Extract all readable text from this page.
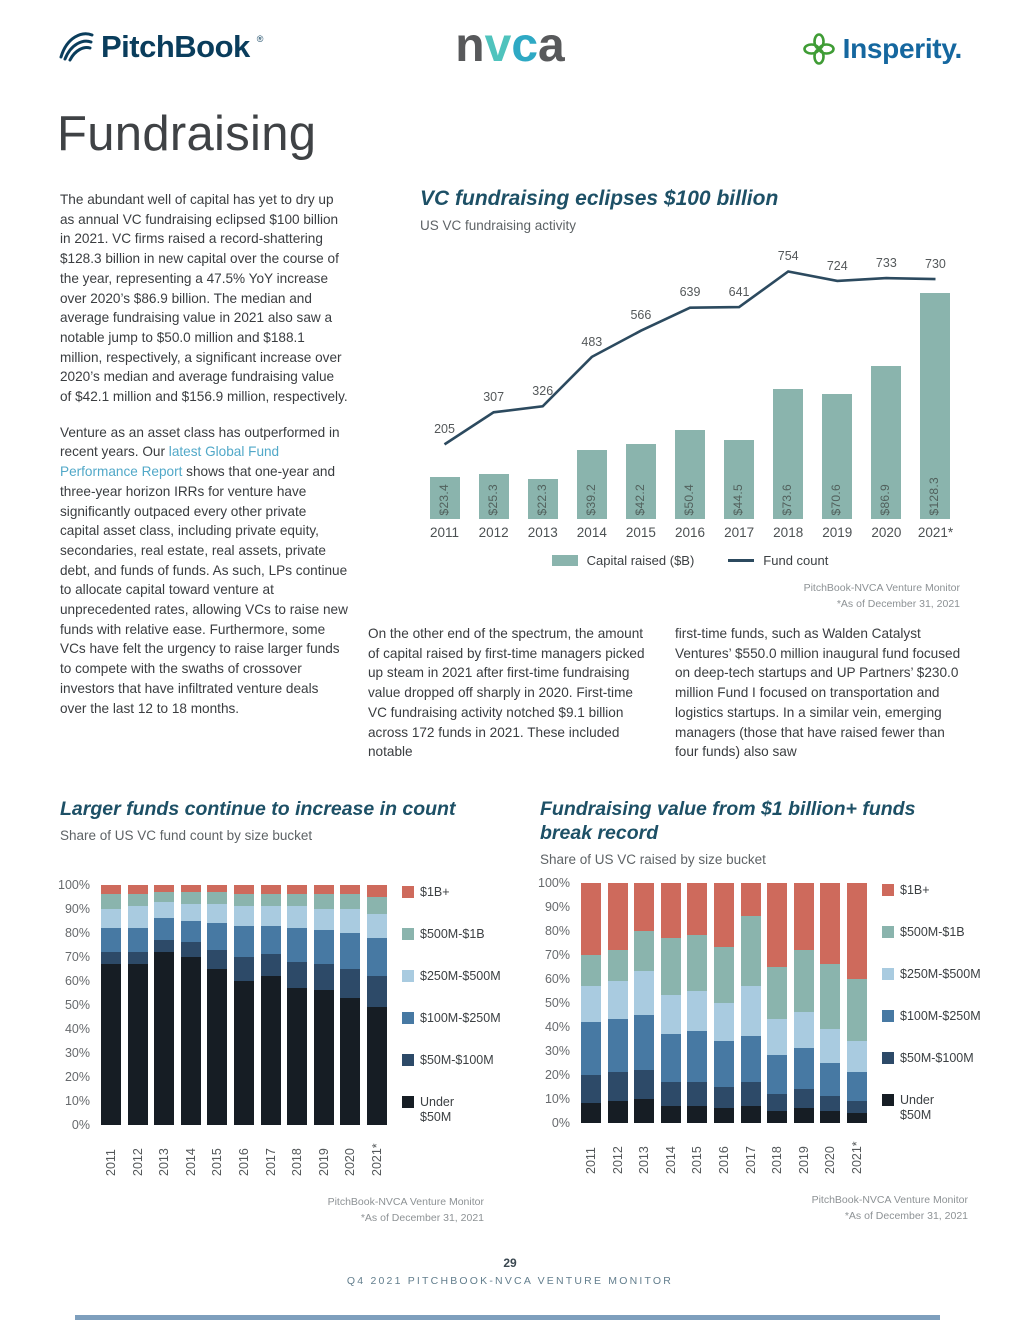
PitchBook ®	nvca	Insperity.
Fundraising

The abundant well of capital has yet to dry up as annual VC fundraising eclipsed $100 billion in 2021. VC firms raised a record-shattering $128.3 billion in new capital over the course of the year, representing a 47.5% YoY increase over 2020’s $86.9 billion. The median and average fundraising value in 2021 also saw a notable jump to $50.0 million and $188.1 million, respectively, a significant increase over 2020’s median and average fundraising value of $42.1 million and $156.9 million, respectively.

Venture as an asset class has outperformed in recent years. Our latest Global Fund Performance Report shows that one-year and three-year horizon IRRs for venture have significantly outpaced every other private capital asset class, including private equity, secondaries, real estate, real assets, private debt, and funds of funds. As such, LPs continue to allocate capital toward venture at unprecedented rates, allowing VCs to raise new funds with relative ease. Furthermore, some VCs have felt the urgency to raise larger funds to compete with the swaths of crossover investors that have infiltrated venture deals over the last 12 to 18 months.

VC fundraising eclipses $100 billion
US VC fundraising activity
$23.4	$25.3	$22.3	$39.2	$42.2	$50.4	$44.5	$73.6	$70.6	$86.9	$128.3
205
307 326
483
566
639 641
754
724 733 730
2011	2012	2013	2014	2015	2016	2017	2018	2019	2020	2021*
Capital raised ($B)	Fund count
PitchBook-NVCA Venture Monitor
*As of December 31, 2021

On the other end of the spectrum, the amount of capital raised by first-time managers picked up steam in 2021 after first-time fundraising value dropped off sharply in 2020. First-time VC fundraising activity notched $9.1 billion across 172 funds in 2021. These included notable

first-time funds, such as Walden Catalyst Ventures’ $550.0 million inaugural fund focused on deep-tech startups and UP Partners’ $230.0 million Fund I focused on transportation and logistics startups. In a similar vein, emerging managers (those that have raised fewer than four funds) also saw

Larger funds continue to increase in count
Share of US VC fund count by size bucket
0%
10%
20%
30%
40%
50%
60%
70%
80%
90%
100%	$1B+
$500M-$1B
$250M-$500M
$100M-$250M
$50M-$100M
Under $50M
2011 2012 2013 2014 2015 2016 2017 2018 2019 2020 2021*
PitchBook-NVCA Venture Monitor
*As of December 31, 2021
Fundraising value from $1 billion+ funds break record
Share of US VC raised by size bucket
0%
10%
20%
30%
40%
50%
60%
70%
80%
90%
100%	$1B+
$500M-$1B
$250M-$500M
$100M-$250M
$50M-$100M
Under $50M
2011 2012 2013 2014 2015 2016 2017 2018 2019 2020 2021*
PitchBook-NVCA Venture Monitor
*As of December 31, 2021
29
Q4 2021 PITCHBOOK-NVCA VENTURE MONITOR
